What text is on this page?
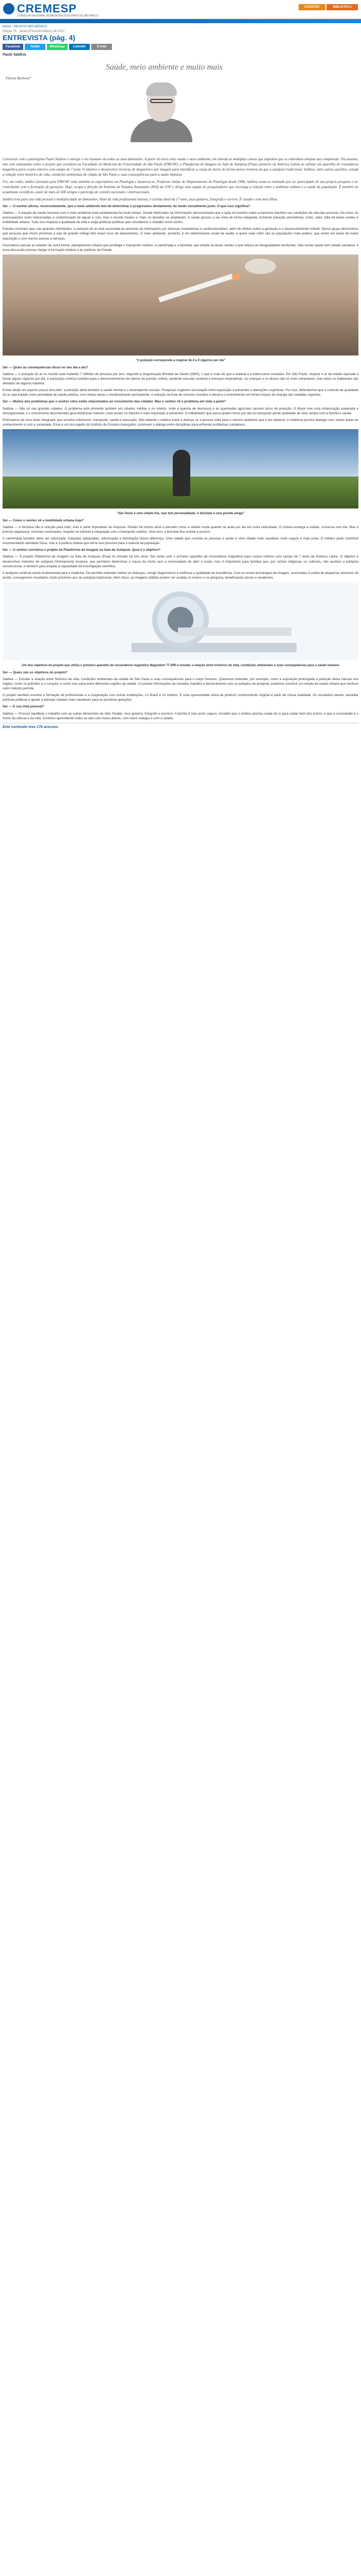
CREMESP
CONSELHO REGIONAL DE MEDICINA DO ESTADO DE SÃO PAULO
EVENTOS	BIBLIOTECA
Home › REVISTA SER MÉDICO
Edição 78 - Janeiro/Fevereiro/Março de 2017
ENTREVISTA (pág. 4)
Facebook	Twitter	WhatsApp	LinkedIn	E-mail
Paulo Saldiva
Saúde, meio ambiente e muito mais
Fátima Barbosa*

Conversar com o patologista Paulo Saldiva é emergir o ser humano em todas as suas dimensões. A partir do novo entre saúde e meio ambiente, ele aborda as múltiplas causas que impedem que os indivíduos atinjam sua completude. Pai atuante, tem com entusiasmo sobre o projeto que coordena na Faculdade de Medicina da Universidade de São Paulo (FMUSP), a Plataforma de Imagem na Sala de Autópsia (Piua), pioneiro na América Latina ao utilizar um aparelho de ressonância magnética para corpos inteiros com campo de 7 tesla. O objetivo é desenvolver técnicas de diagnóstico por imagem para identificar a causa de morte de forma menos invasiva do que a autópsia tradicional. Saldiva, entre outras questões, estuda a relação entre histórico de vida, condições ambientais de cidade de São Paulo e suas consequências para a saúde humana.

Foi, até então, médico formado pela FMUSP, onde também se especializou em Patologia e doutorou-se. Professor titular do Departamento de Patologia desde 1996, Saldiva sente-se realizado por ter participado de sua própria pesquisa e ter contribuído com a formação de gerações. Hoje, ocupa a direção do Instituto de Estudos Avançados (IEA) da USP e dirige uma equipe de pesquisadores que investiga a relação entre o ambiente urbano e a saúde da população. É membro de academias científicas, autor de mais de 600 artigos e participa de comitês nacionais e internacionais.

Saldiva leva para sua vida pessoal a multiplicidade de dimensões. Além da vida profissional intensa, é ciclista ideal há 17 anos, toca guitarra, fotografa e escreve. É casado e tem dois filhos.

Ser — O senhor afirma, recorrentemente, que o meio ambiente tem de determinar o progressivo diretamente, de modo socialmente justo. O que isso significa?

Saldiva — A relação de saúde humana com o meio ambiente está estabelecida há muito tempo. Desde Hipócrates há informações demonstrando que a ação do homem sobre a natureza interfere nas condições de vida das pessoas. No início, as preocupações eram relacionadas a contaminação de águas e solo, mas o mundo mudou e, hoje, os desafios se ampliaram. A saúde passou a ser vista de forma integrada, incluindo poluição atmosférica, ruído, calor, falta de áreas verdes e mobilidade urbana. Tudo isso impacta a qualidade de vida e exige políticas públicas que considerem o cidadão como centro.

Estudos mostram que, nas grandes metrópoles, a poluição do ar está associada ao aumento de internações por doenças respiratórias e cardiovasculares, além de efeitos sobre a gestação e o desenvolvimento infantil. Nosso grupo demonstrou que pessoas que vivem próximas a vias de grande tráfego têm maior risco de adoecimento. O meio ambiente, portanto, é um determinante social da saúde, e quem mais sofre são as populações mais pobres, que vivem em áreas de maior exposição e com menos acesso a serviços.

Precisamos pensar as cidades de outra forma: planejamento urbano que privilegie o transporte coletivo, a caminhada e a bicicleta, que amplie as áreas verdes e que reduza as desigualdades territoriais. Não existe saúde sem cidade saudável, e essa discussão precisa chegar à formação médica e às políticas de Estado.

"A poluição corresponde a respirar de 4 a 5 cigarros por dia"

Ser — Quais as consequências disso no seu dia a dia?

Saldiva — A poluição do ar no mundo está matando 7 milhões de pessoas por ano, segundo a Organização Mundial da Saúde (OMS), o que é mais do que a malária e a tuberculose somadas. Em São Paulo, respirar o ar da cidade equivale a fumar alguns cigarros por dia. A exposição crônica contribui para o desenvolvimento de câncer de pulmão, infarto, acidente vascular cerebral e doenças respiratórias. As crianças e os idosos são os mais vulneráveis, mas todos os habitantes são afetados de alguma maneira.

Existe ainda um aspecto pouco discutido: a poluição afeta também a saúde mental e o desempenho escolar. Pesquisas sugerem associação entre exposição a poluentes e alterações cognitivas. Por isso, defendemos que o controle da qualidade do ar seja tratado como prioridade de saúde pública, com metas claras e monitoramento permanente. A redução da frota de veículos movidos a diesel e o investimento em fontes limpas de energia são medidas urgentes.

Ser — Muitos dos problemas que o senhor citou estão relacionados ao crescimento das cidades. Mas o senhor vê o problema em toda a parte?

Saldiva — Não só nas grandes cidades. O problema está presente também em cidades médias e no interior, onde a queima de biomassa e as queimadas agrícolas causam picos de poluição. O Brasil vive uma urbanização acelerada e desorganizada, e o crescimento desordenado gera distâncias maiores, mais tempo no trânsito e mais exposição a poluentes. O trabalhador que passa quatro horas por dia no transporte perde qualidade de vida, tempo com a família e saúde.

Precisamos de uma visão integrada, que envolva urbanismo, transporte, saúde e educação. Não adianta o médico tratar a doença se a pessoa volta para o mesmo ambiente que a fez adoecer. A medicina precisa dialogar com outras áreas do conhecimento e com a sociedade. Esse é um dos papéis do Instituto de Estudos Avançados: promover o diálogo entre disciplinas para enfrentar problemas complexos.

"São Paulo é uma cidade fria, mas tem personalidade. A bicicleta é uma grande amiga"

Ser — Como o senhor vê a mobilidade urbana hoje?

Saldiva — A bicicleta não é solução para tudo, mas é parte importante da resposta. Pedalo há muitos anos e percebo como a cidade muda quando se anda por ela em outra velocidade. O ciclista enxerga a cidade, conversa com ela. Mas é preciso segurança: ciclovias conectadas, respeito no trânsito e integração com o transporte coletivo. Sem isso, a bicicleta fica restrita a poucos.

A caminhada também deve ser valorizada. Calçadas adequadas, arborização e iluminação fazem diferença. Uma cidade que convida as pessoas a andar é uma cidade mais saudável, mais segura e mais justa. O médico pode contribuir recomendando atividade física, mas é a política urbana que torna isso possível para a maioria da população.

Ser — O senhor coordena o projeto da Plataforma de Imagem na Sala de Autópsia. Qual é o objetivo?

Saldiva — O projeto Plataforma de Imagem na Sala de Autópsia (Piua) foi iniciado há três anos. Ele conta com o primeiro aparelho de ressonância magnética para corpos inteiros com campo de 7 tesla da América Latina. O objetivo é desenvolver métodos de autópsia minimamente invasiva, que permitam determinar a causa da morte sem a necessidade de abrir o corpo. Isso é importante para famílias que, por razões religiosas ou culturais, não aceitam a autópsia convencional, e também para ampliar a capacidade de investigação científica.

A autópsia continua sendo fundamental para a medicina. Ela permite entender melhor as doenças, corrigir diagnósticos e melhorar a qualidade da assistência. Com as novas tecnologias de imagem, associadas à coleta de pequenas amostras de tecido, conseguimos resultados muito próximos aos da autópsia tradicional. Além disso, as imagens obtidas podem ser usadas no ensino e na pesquisa, beneficiando alunos e residentes.

Um dos objetivos do projeto que utiliza o primeiro aparelho de ressonância magnética Magnetom 7T MRI é estudar a relação entre histórico de vida, condições ambientais e suas consequências para a saúde humana

Ser — Quais são os objetivos do projeto?

Saldiva — Estudar a relação entre histórico de vida, condições ambientais da cidade de São Paulo e suas consequências para o corpo humano. Queremos entender, por exemplo, como a exposição prolongada à poluição deixa marcas nos órgãos, como os pulmões e o coração, e como isso varia entre diferentes regiões da cidade. Cruzando informações de moradia, trabalho e deslocamento com os achados da autópsia, podemos construir um retrato da saúde urbana que nenhum outro método permite.

O projeto também envolve a formação de profissionais e a cooperação com outras instituições, no Brasil e no exterior. É uma oportunidade única de produzir conhecimento original a partir da nossa realidade. Os resultados devem subsidiar políticas públicas e ajudar a planejar cidades mais saudáveis para as próximas gerações.

Ser — E sua vida pessoal?

Saldiva — Procuro equilibrar o trabalho com as outras dimensões da vida. Pedalo, toco guitarra, fotografo e escrevo. A família é meu porto seguro. Acredito que o médico precisa cuidar de si para cuidar bem dos outros, e que a curiosidade é o motor da ciência e da vida. Continuo aprendendo todos os dias com meus alunos, com meus colegas e com a cidade.

Este conteúdo teve 176 acessos.
